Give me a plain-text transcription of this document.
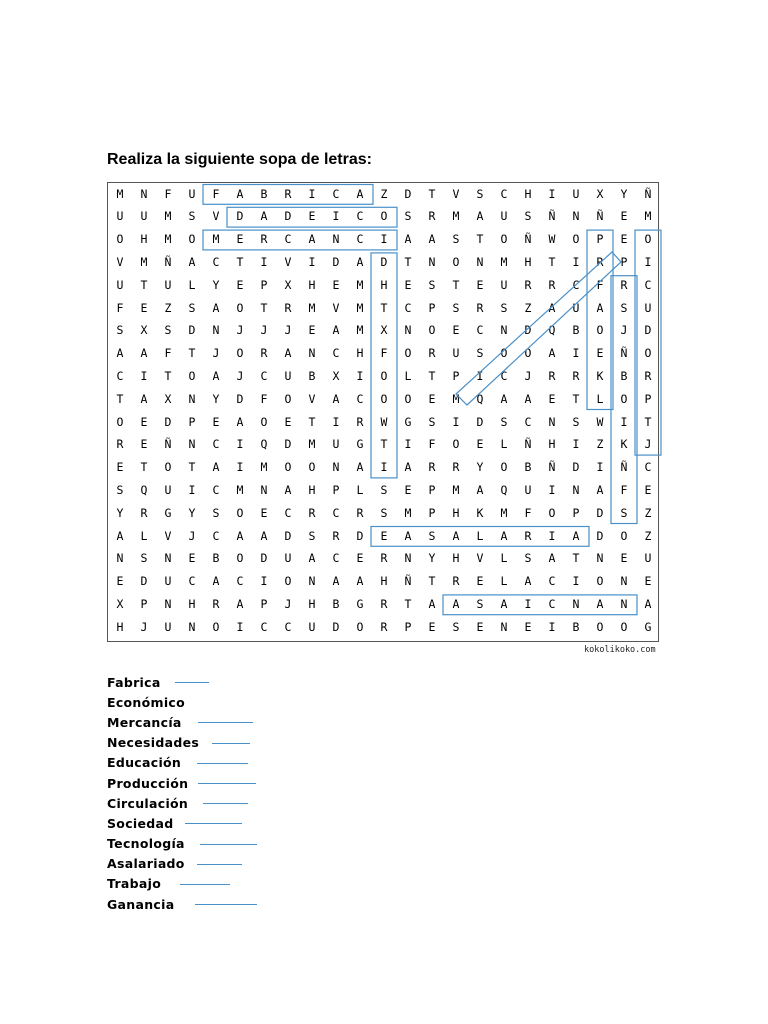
Realiza la siguiente sopa de letras:
M	N	F	U	F	A	B	R	I	C	A	Z	D	T	V	S	C	H	I	U	X	Y	Ñ
U	U	M	S	V	D	A	D	E	I	C	O	S	R	M	A	U	S	Ñ	N	Ñ	E	M
O	H	M	O	M	E	R	C	A	N	C	I	A	A	S	T	O	Ñ	W	O	P	E	O
V	M	Ñ	A	C	T	I	V	I	D	A	D	T	N	O	N	M	H	T	I	R	P	I
U	T	U	L	Y	E	P	X	H	E	M	H	E	S	T	E	U	R	R	C	F	R	C
F	E	Z	S	A	O	T	R	M	V	M	T	C	P	S	R	S	Z	A	U	A	S	U
S	X	S	D	N	J	J	J	E	A	M	X	N	O	E	C	N	D	Q	B	O	J	D
A	A	F	T	J	O	R	A	N	C	H	F	O	R	U	S	O	O	A	I	E	Ñ	O
C	I	T	O	A	J	C	U	B	X	I	O	L	T	P	I	C	J	R	R	K	B	R
T	A	X	N	Y	D	F	O	V	A	C	O	O	E	M	Q	A	A	E	T	L	O	P
O	E	D	P	E	A	O	E	T	I	R	W	G	S	I	D	S	C	N	S	W	I	T
R	E	Ñ	N	C	I	Q	D	M	U	G	T	I	F	O	E	L	Ñ	H	I	Z	K	J
E	T	O	T	A	I	M	O	O	N	A	I	A	R	R	Y	O	B	Ñ	D	I	Ñ	C
S	Q	U	I	C	M	N	A	H	P	L	S	E	P	M	A	Q	U	I	N	A	F	E
Y	R	G	Y	S	O	E	C	R	C	R	S	M	P	H	K	M	F	O	P	D	S	Z
A	L	V	J	C	A	A	D	S	R	D	E	A	S	A	L	A	R	I	A	D	O	Z
N	S	N	E	B	O	D	U	A	C	E	R	N	Y	H	V	L	S	A	T	N	E	U
E	D	U	C	A	C	I	O	N	A	A	H	Ñ	T	R	E	L	A	C	I	O	N	E
X	P	N	H	R	A	P	J	H	B	G	R	T	A	A	S	A	I	C	N	A	N	A
H	J	U	N	O	I	C	C	U	D	O	R	P	E	S	E	N	E	I	B	O	O	G
kokolikoko.com
Fabrica
Económico
Mercancía
Necesidades
Educación
Producción
Circulación
Sociedad
Tecnología
Asalariado
Trabajo
Ganancia
